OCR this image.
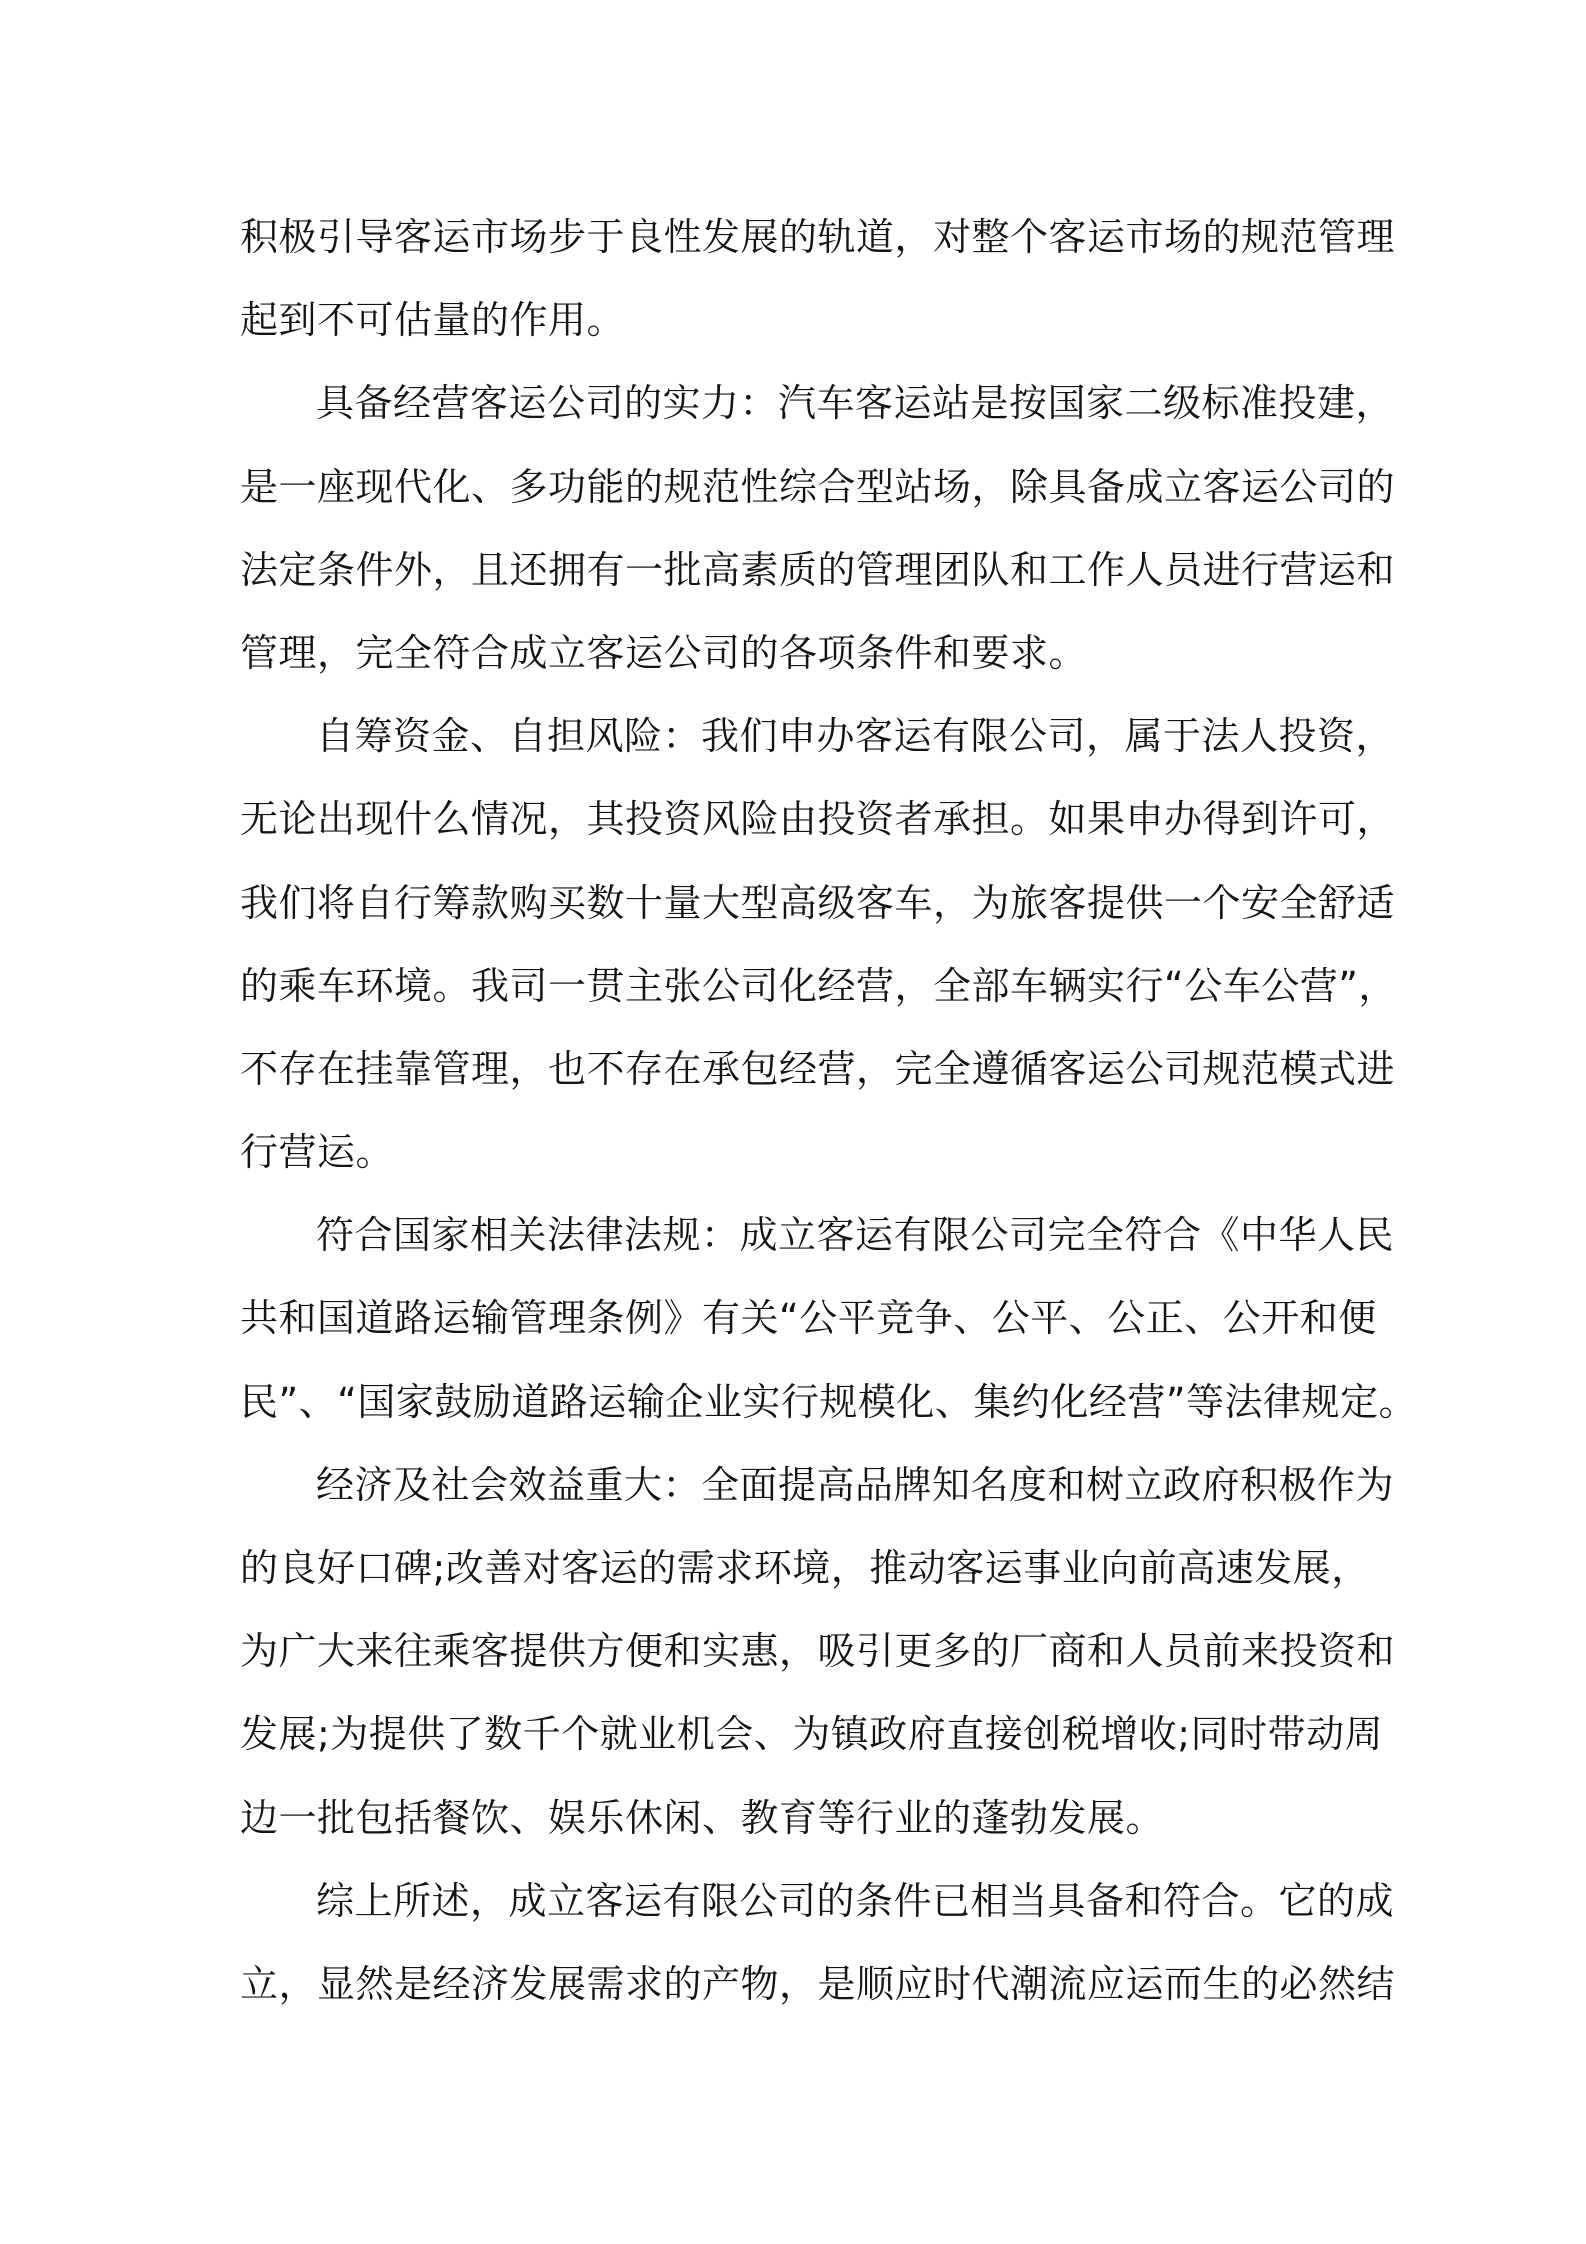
积极引导客运市场步于良性发展的轨道，对整个客运市场的规范管理
起到不可估量的作用。
具备经营客运公司的实力：汽车客运站是按国家二级标准投建，
是一座现代化、多功能的规范性综合型站场，除具备成立客运公司的
法定条件外，且还拥有一批高素质的管理团队和工作人员进行营运和
管理，完全符合成立客运公司的各项条件和要求。
自筹资金、自担风险：我们申办客运有限公司，属于法人投资，
无论出现什么情况，其投资风险由投资者承担。如果申办得到许可，
我们将自行筹款购买数十量大型高级客车，为旅客提供一个安全舒适
的乘车环境。我司一贯主张公司化经营，全部车辆实行“公车公营”，
不存在挂靠管理，也不存在承包经营，完全遵循客运公司规范模式进
行营运。
符合国家相关法律法规：成立客运有限公司完全符合《中华人民
共和国道路运输管理条例》有关“公平竞争、公平、公正、公开和便
民”、“国家鼓励道路运输企业实行规模化、集约化经营”等法律规定。
经济及社会效益重大：全面提高品牌知名度和树立政府积极作为
的良好口碑;改善对客运的需求环境，推动客运事业向前高速发展，
为广大来往乘客提供方便和实惠，吸引更多的厂商和人员前来投资和
发展;为提供了数千个就业机会、为镇政府直接创税增收;同时带动周
边一批包括餐饮、娱乐休闲、教育等行业的蓬勃发展。
综上所述，成立客运有限公司的条件已相当具备和符合。它的成
立，显然是经济发展需求的产物，是顺应时代潮流应运而生的必然结
